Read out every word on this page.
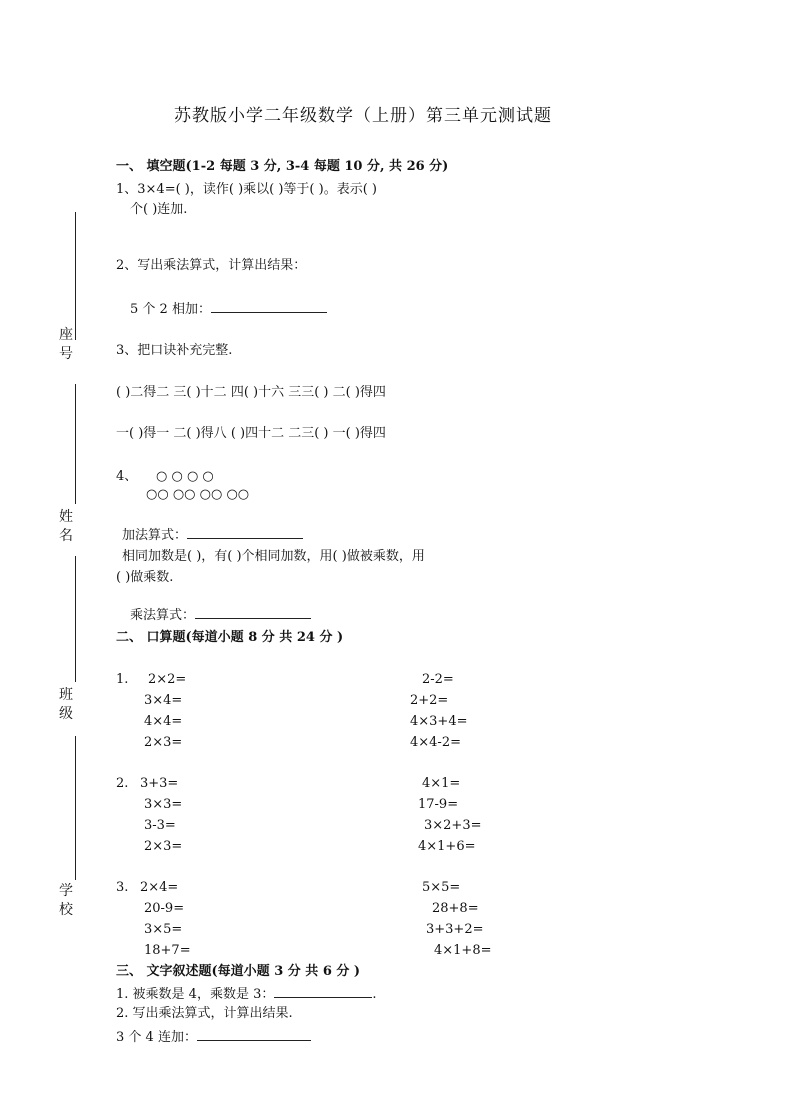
座号
姓名
班级
学校
苏教版小学二年级数学（上册）第三单元测试题
一、 填空题(1-2 每题 3 分, 3-4 每题 10 分, 共 26 分)
1、3×4=( )，读作( )乘以( )等于( )。表示( )
个( )连加.
2、写出乘法算式，计算出结果：
5 个 2 相加：
3、把口诀补充完整.
( )二得二 三( )十二 四( )十六 三三( ) 二( )得四
一( )得一 二( )得八 ( )四十二 二三( ) 一( )得四
4、 ○ ○ ○ ○
○○ ○○ ○○ ○○
加法算式：
相同加数是( )，有( )个相同加数，用( )做被乘数，用
( )做乘数.
乘法算式：
二、 口算题(每道小题 8 分 共 24 分 )
1. 2×2=
3×4=
4×4=
2×3=
2-2=
2+2=
4×3+4=
4×4-2=
2. 3+3=
3×3=
3-3=
2×3=
4×1=
17-9=
3×2+3=
4×1+6=
3. 2×4=
20-9=
3×5=
18+7=
5×5=
28+8=
3+3+2=
4×1+8=
三、 文字叙述题(每道小题 3 分 共 6 分 )
1. 被乘数是 4，乘数是 3：	.
2. 写出乘法算式，计算出结果.
3 个 4 连加：
